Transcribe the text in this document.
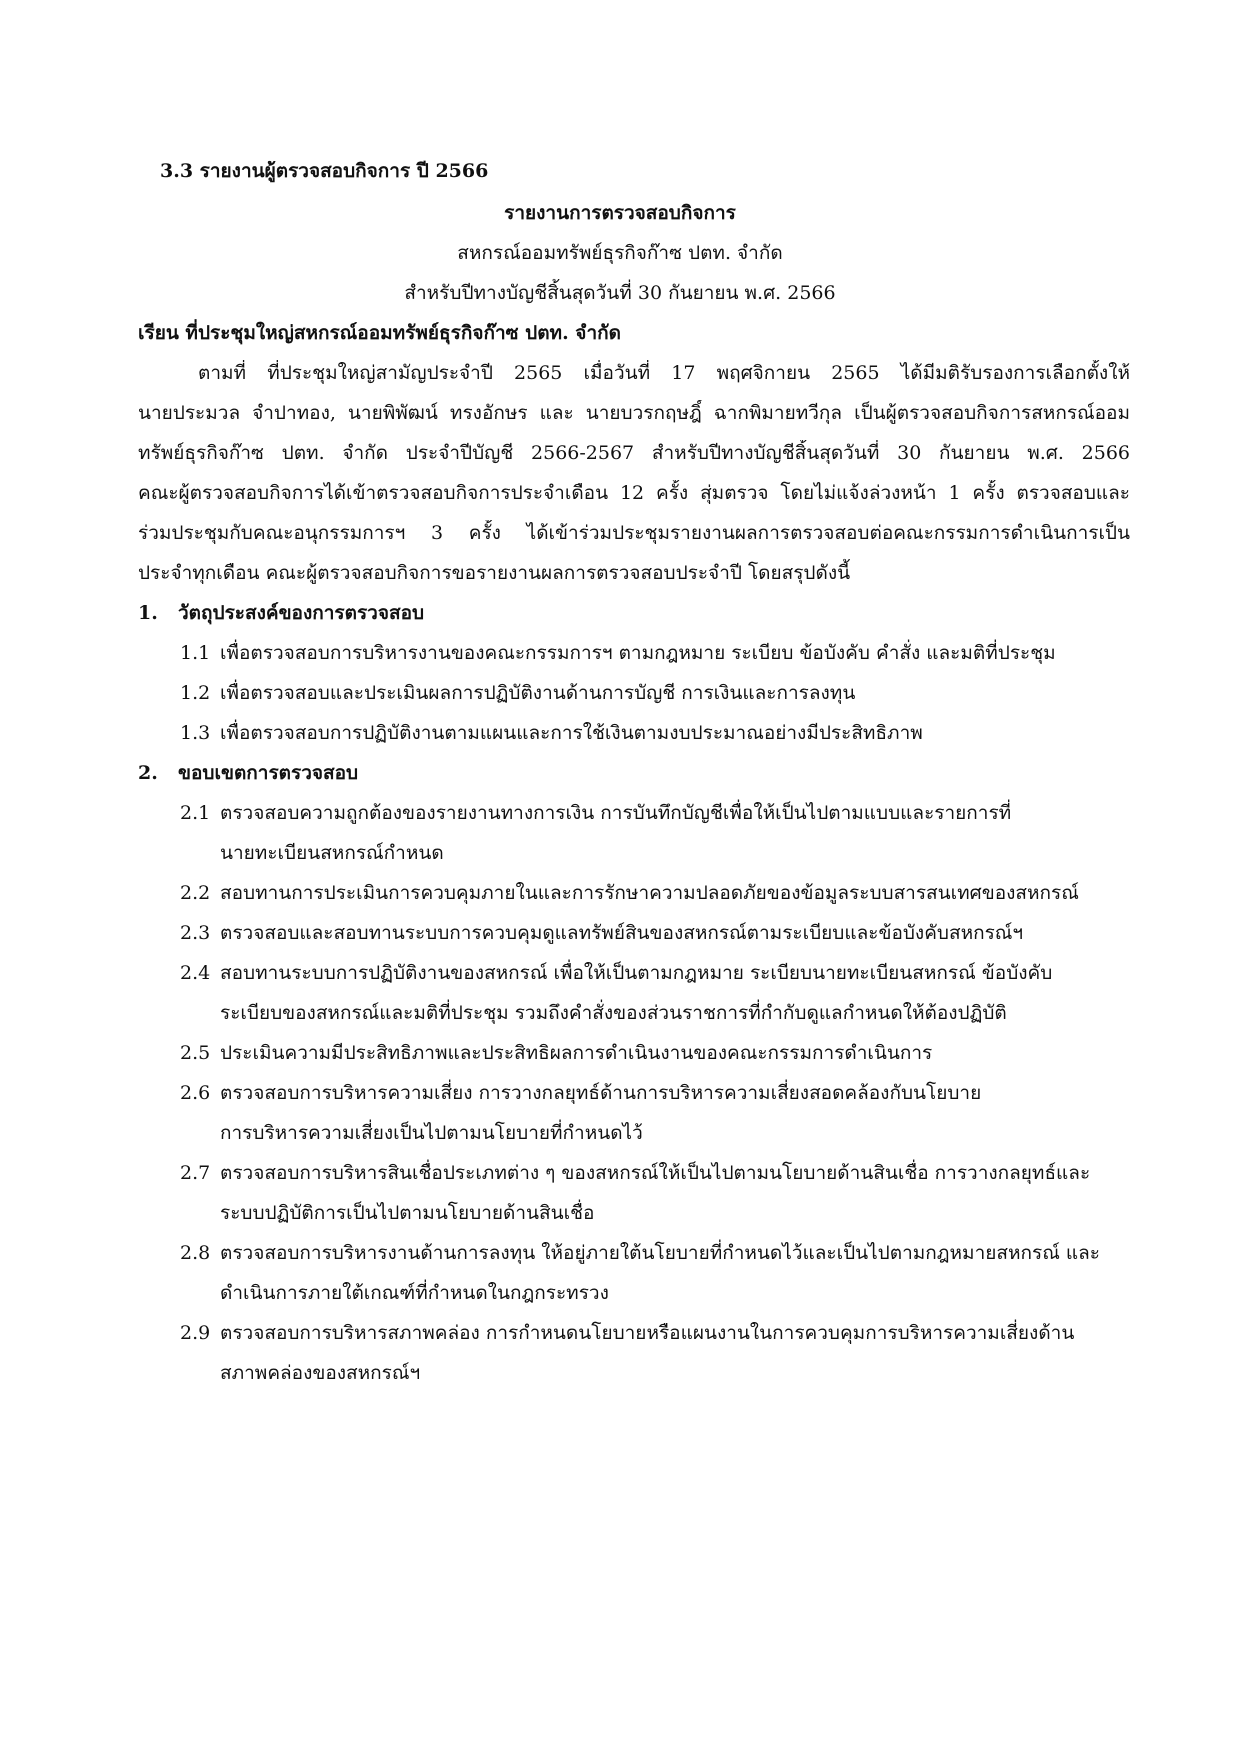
3.3 รายงานผู้ตรวจสอบกิจการ ปี 2566
รายงานการตรวจสอบกิจการ
สหกรณ์ออมทรัพย์ธุรกิจก๊าซ ปตท. จำกัด
สำหรับปีทางบัญชีสิ้นสุดวันที่ 30 กันยายน พ.ศ. 2566
เรียน ที่ประชุมใหญ่สหกรณ์ออมทรัพย์ธุรกิจก๊าซ ปตท. จำกัด
ตามที่ ที่ประชุมใหญ่สามัญประจำปี 2565 เมื่อวันที่ 17 พฤศจิกายน 2565 ได้มีมติรับรองการเลือกตั้งให้
นายประมวล จำปาทอง, นายพิพัฒน์ ทรงอักษร และ นายบวรกฤษฎิ์ ฉากพิมายทวีกุล เป็นผู้ตรวจสอบกิจการสหกรณ์ออม
ทรัพย์ธุรกิจก๊าซ ปตท. จำกัด ประจำปีบัญชี 2566-2567 สำหรับปีทางบัญชีสิ้นสุดวันที่ 30 กันยายน พ.ศ. 2566
คณะผู้ตรวจสอบกิจการได้เข้าตรวจสอบกิจการประจำเดือน 12 ครั้ง สุ่มตรวจ โดยไม่แจ้งล่วงหน้า 1 ครั้ง ตรวจสอบและ
ร่วมประชุมกับคณะอนุกรรมการฯ 3 ครั้ง ได้เข้าร่วมประชุมรายงานผลการตรวจสอบต่อคณะกรรมการดำเนินการเป็น
ประจำทุกเดือน คณะผู้ตรวจสอบกิจการขอรายงานผลการตรวจสอบประจำปี โดยสรุปดังนี้
1. วัตถุประสงค์ของการตรวจสอบ
1.1 เพื่อตรวจสอบการบริหารงานของคณะกรรมการฯ ตามกฎหมาย ระเบียบ ข้อบังคับ คำสั่ง และมติที่ประชุม
1.2 เพื่อตรวจสอบและประเมินผลการปฏิบัติงานด้านการบัญชี การเงินและการลงทุน
1.3 เพื่อตรวจสอบการปฏิบัติงานตามแผนและการใช้เงินตามงบประมาณอย่างมีประสิทธิภาพ
2. ขอบเขตการตรวจสอบ
2.1 ตรวจสอบความถูกต้องของรายงานทางการเงิน การบันทึกบัญชีเพื่อให้เป็นไปตามแบบและรายการที่
นายทะเบียนสหกรณ์กำหนด
2.2 สอบทานการประเมินการควบคุมภายในและการรักษาความปลอดภัยของข้อมูลระบบสารสนเทศของสหกรณ์
2.3 ตรวจสอบและสอบทานระบบการควบคุมดูแลทรัพย์สินของสหกรณ์ตามระเบียบและข้อบังคับสหกรณ์ฯ
2.4 สอบทานระบบการปฏิบัติงานของสหกรณ์ เพื่อให้เป็นตามกฎหมาย ระเบียบนายทะเบียนสหกรณ์ ข้อบังคับ
ระเบียบของสหกรณ์และมติที่ประชุม รวมถึงคำสั่งของส่วนราชการที่กำกับดูแลกำหนดให้ต้องปฏิบัติ
2.5 ประเมินความมีประสิทธิภาพและประสิทธิผลการดำเนินงานของคณะกรรมการดำเนินการ
2.6 ตรวจสอบการบริหารความเสี่ยง การวางกลยุทธ์ด้านการบริหารความเสี่ยงสอดคล้องกับนโยบาย
การบริหารความเสี่ยงเป็นไปตามนโยบายที่กำหนดไว้
2.7 ตรวจสอบการบริหารสินเชื่อประเภทต่าง ๆ ของสหกรณ์ให้เป็นไปตามนโยบายด้านสินเชื่อ การวางกลยุทธ์และ
ระบบปฏิบัติการเป็นไปตามนโยบายด้านสินเชื่อ
2.8 ตรวจสอบการบริหารงานด้านการลงทุน ให้อยู่ภายใต้นโยบายที่กำหนดไว้และเป็นไปตามกฎหมายสหกรณ์ และ
ดำเนินการภายใต้เกณฑ์ที่กำหนดในกฎกระทรวง
2.9 ตรวจสอบการบริหารสภาพคล่อง การกำหนดนโยบายหรือแผนงานในการควบคุมการบริหารความเสี่ยงด้าน
สภาพคล่องของสหกรณ์ฯ
